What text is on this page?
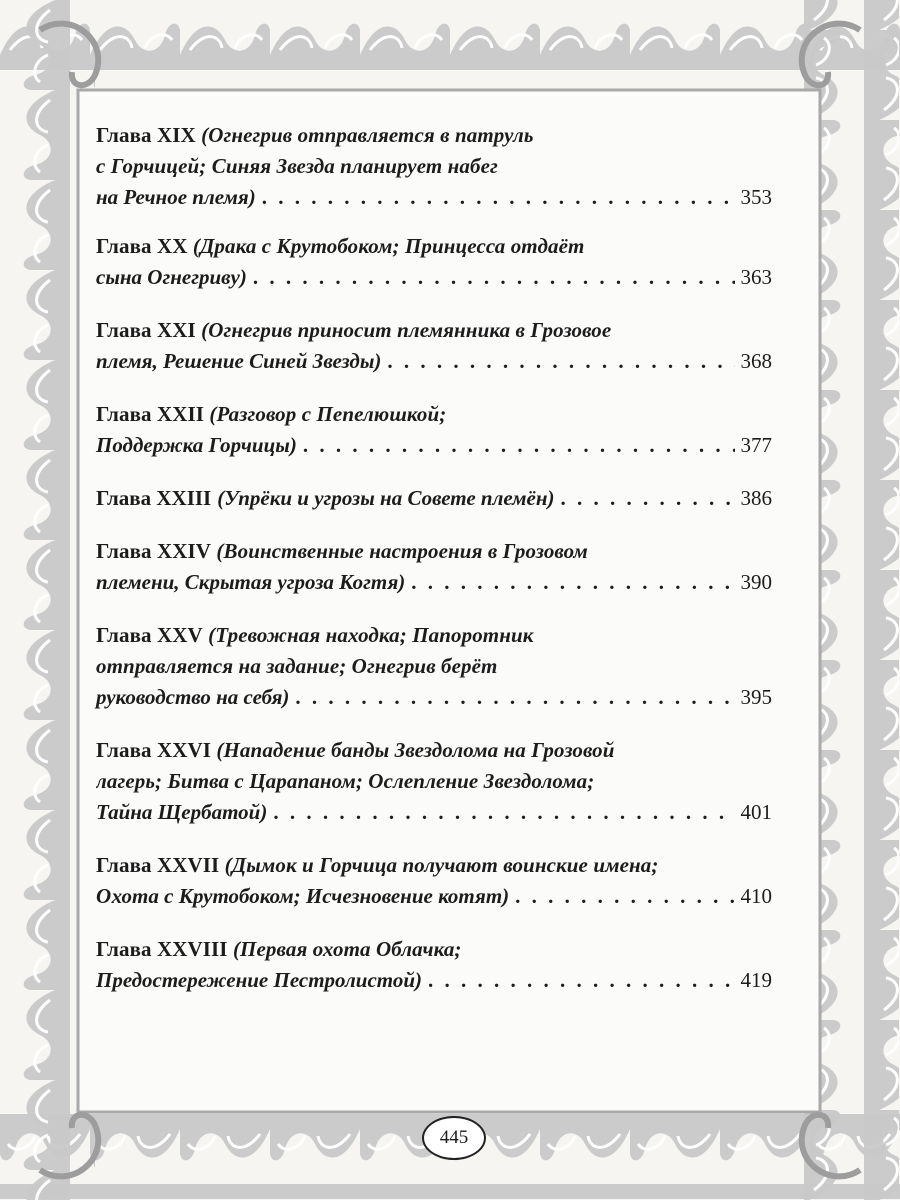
Глава XIX (Огнегрив отправляется в патруль
с Горчицей; Синяя Звезда планирует набег
на Речное племя) . . .	353
Глава XX (Драка с Крутобоком; Принцесса отдаёт
сына Огнегриву) . . .	363
Глава XXI (Огнегрив приносит племянника в Грозовое
племя, Решение Синей Звезды) . . .	368
Глава XXII (Разговор с Пепелюшкой;
Поддержка Горчицы) . . .	377
Глава XXIII (Упрёки и угрозы на Совете племён) . . .	386
Глава XXIV (Воинственные настроения в Грозовом
племени, Скрытая угроза Когтя) . . .	390
Глава XXV (Тревожная находка; Папоротник
отправляется на задание; Огнегрив берёт
руководство на себя) . . .	395
Глава XXVI (Нападение банды Звездолома на Грозовой
лагерь; Битва с Царапаном; Ослепление Звездолома;
Тайна Щербатой) . . .	401
Глава XXVII (Дымок и Горчица получают воинские имена;
Охота с Крутобоком; Исчезновение котят) . . .	410
Глава XXVIII (Первая охота Облачка;
Предостережение Пестролистой) . . .	419
445
